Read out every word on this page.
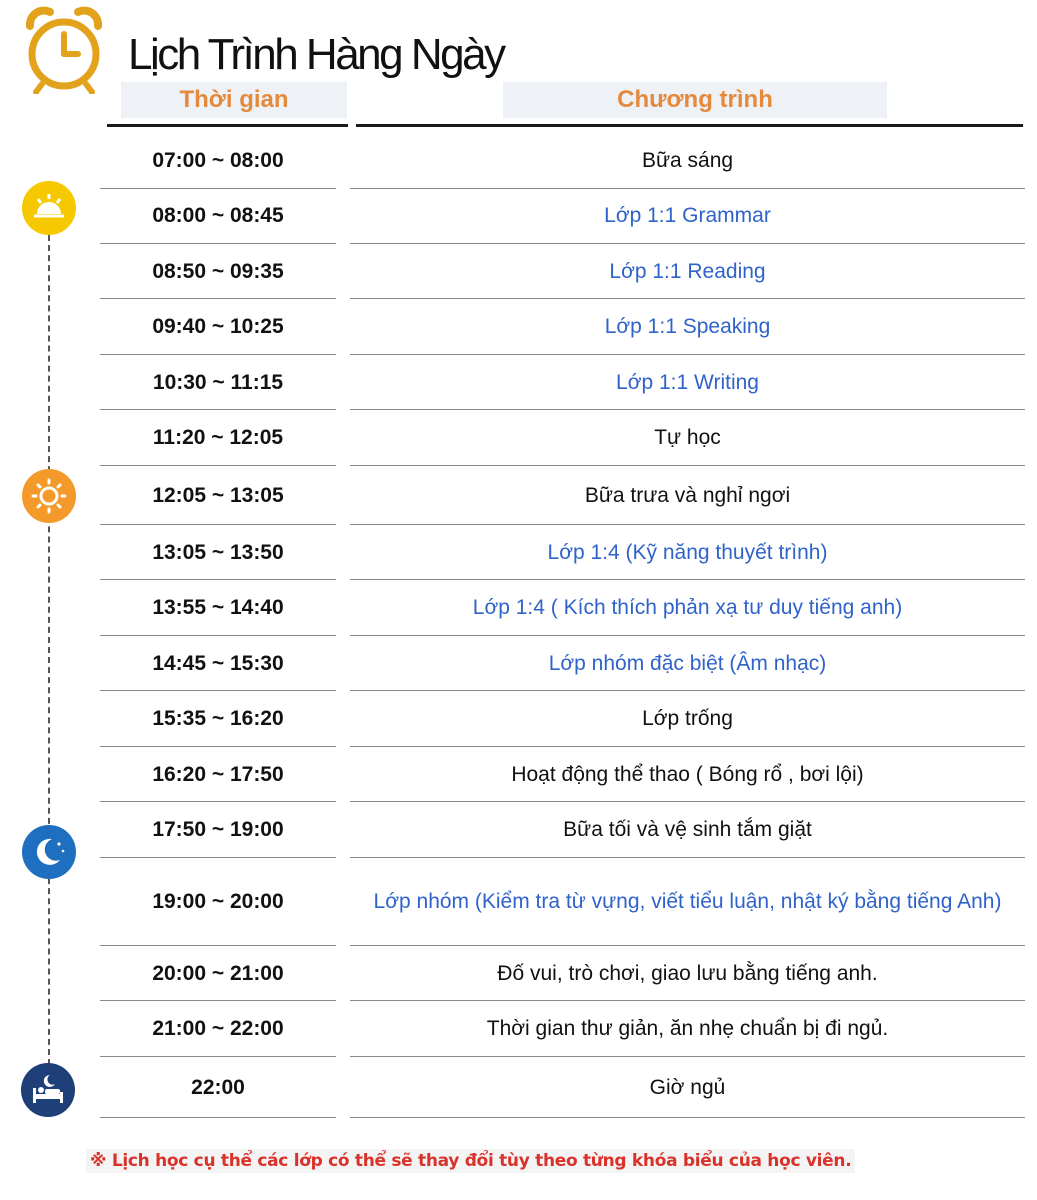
Lịch Trình Hàng Ngày
Thời gian	Chương trình
07:00 ~ 08:00	Bữa sáng
08:00 ~ 08:45	Lớp 1:1 Grammar
08:50 ~ 09:35	Lớp 1:1 Reading
09:40 ~ 10:25	Lớp 1:1 Speaking
10:30 ~ 11:15	Lớp 1:1 Writing
11:20 ~ 12:05	Tự học
12:05 ~ 13:05	Bữa trưa và nghỉ ngơi
13:05 ~ 13:50	Lớp 1:4 (Kỹ năng thuyết trình)
13:55 ~ 14:40	Lớp 1:4 ( Kích thích phản xạ tư duy tiếng anh)
14:45 ~ 15:30	Lớp nhóm đặc biệt (Âm nhạc)
15:35 ~ 16:20	Lớp trống
16:20 ~ 17:50	Hoạt động thể thao ( Bóng rổ , bơi lội)
17:50 ~ 19:00	Bữa tối và vệ sinh tắm giặt
19:00 ~ 20:00	Lớp nhóm (Kiểm tra từ vựng, viết tiểu luận, nhật ký bằng tiếng Anh)
20:00 ~ 21:00	Đố vui, trò chơi, giao lưu bằng tiếng anh.
21:00 ~ 22:00	Thời gian thư giản, ăn nhẹ chuẩn bị đi ngủ.
22:00	Giờ ngủ
※ Lịch học cụ thể các lớp có thể sẽ thay đổi tùy theo từng khóa biểu của học viên.
